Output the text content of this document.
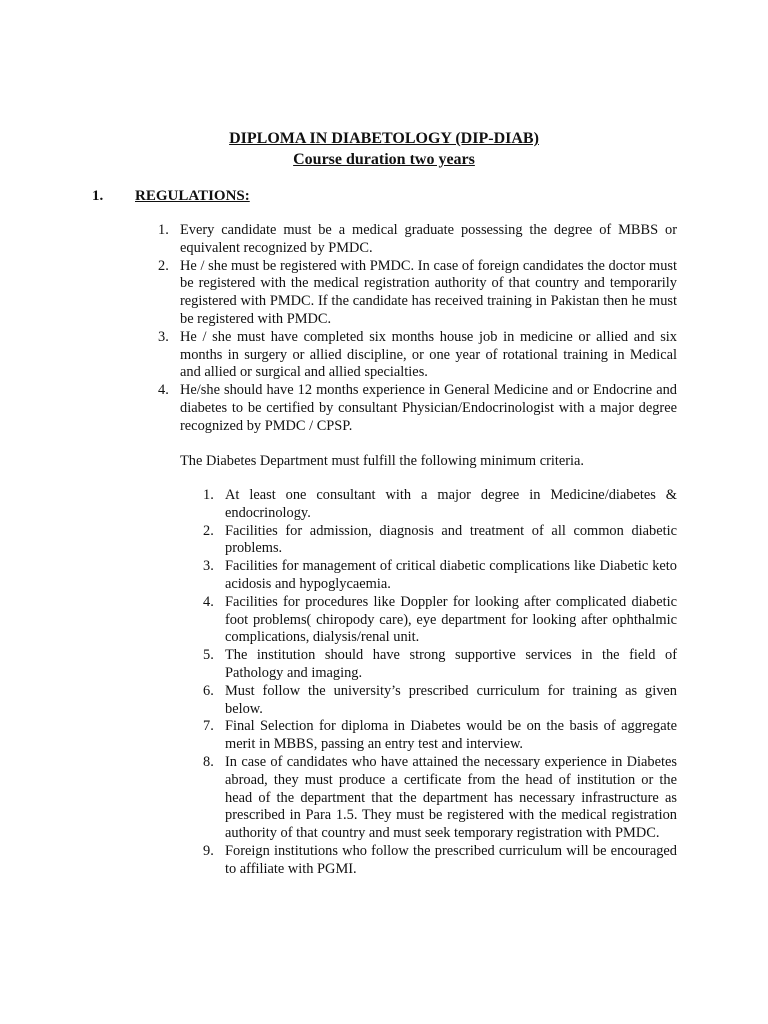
DIPLOMA IN DIABETOLOGY (DIP-DIAB)
Course duration two years
1. REGULATIONS:
1. Every candidate must be a medical graduate possessing the degree of MBBS or equivalent recognized by PMDC.
2. He / she must be registered with PMDC. In case of foreign candidates the doctor must be registered with the medical registration authority of that country and temporarily registered with PMDC. If the candidate has received training in Pakistan then he must be registered with PMDC.
3. He / she must have completed six months house job in medicine or allied and six months in surgery or allied discipline, or one year of rotational training in Medical and allied or surgical and allied specialties.
4. He/she should have 12 months experience in General Medicine and or Endocrine and diabetes to be certified by consultant Physician/Endocrinologist with a major degree recognized by PMDC / CPSP.
The Diabetes Department must fulfill the following minimum criteria.
1. At least one consultant with a major degree in Medicine/diabetes & endocrinology.
2. Facilities for admission, diagnosis and treatment of all common diabetic problems.
3. Facilities for management of critical diabetic complications like Diabetic keto acidosis and hypoglycaemia.
4. Facilities for procedures like Doppler for looking after complicated diabetic foot problems( chiropody care), eye department for looking after ophthalmic complications, dialysis/renal unit.
5. The institution should have strong supportive services in the field of Pathology and imaging.
6. Must follow the university’s prescribed curriculum for training as given below.
7. Final Selection for diploma in Diabetes would be on the basis of aggregate merit in MBBS, passing an entry test and interview.
8. In case of candidates who have attained the necessary experience in Diabetes abroad, they must produce a certificate from the head of institution or the head of the department that the department has necessary infrastructure as prescribed in Para 1.5. They must be registered with the medical registration authority of that country and must seek temporary registration with PMDC.
9. Foreign institutions who follow the prescribed curriculum will be encouraged to affiliate with PGMI.
